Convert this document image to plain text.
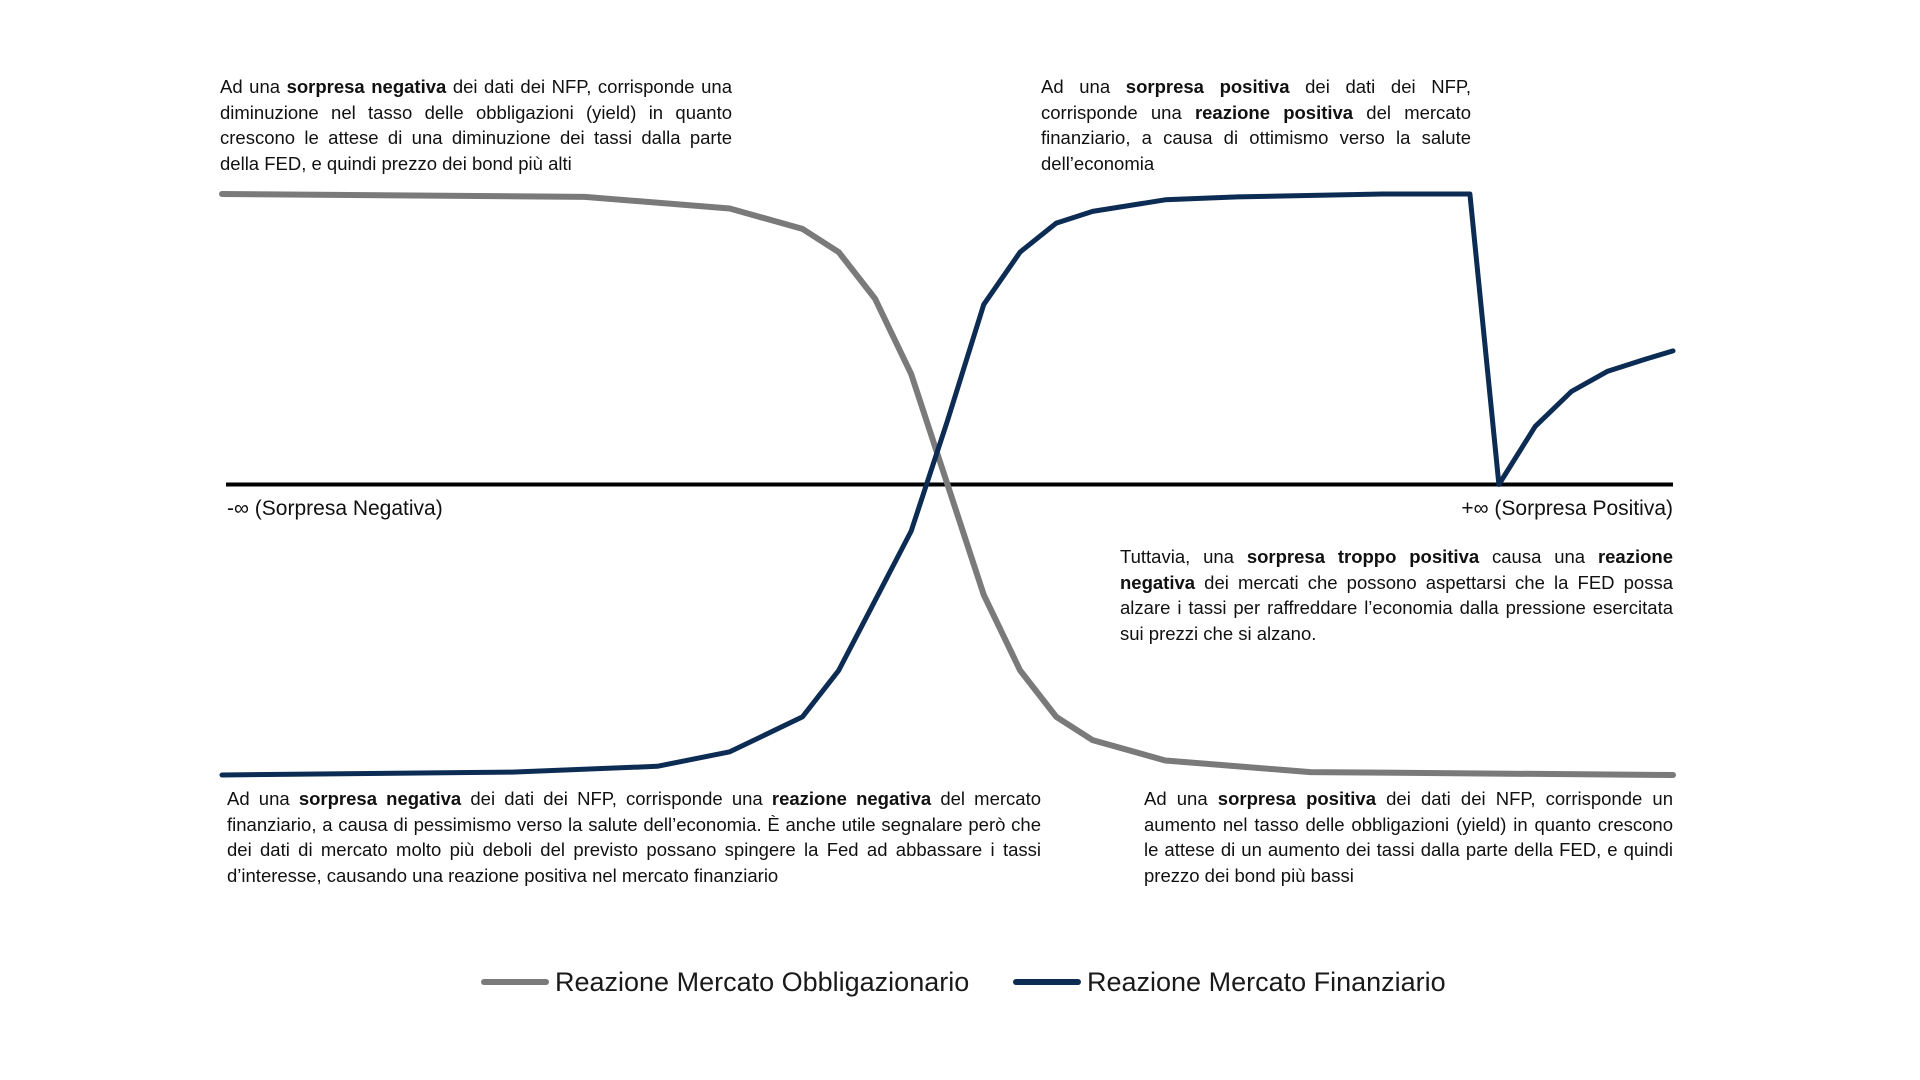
-∞ (Sorpresa Negativa)	+∞ (Sorpresa Positiva)

Ad una sorpresa negativa dei dati dei NFP, corrisponde una diminuzione nel tasso delle obbligazioni (yield) in quanto crescono le attese di una diminuzione dei tassi dalla parte della FED, e quindi prezzo dei bond più alti

Ad una sorpresa positiva dei dati dei NFP, corrisponde una reazione positiva del mercato finanziario, a causa di ottimismo verso la salute dell’economia

Tuttavia, una sorpresa troppo positiva causa una reazione negativa dei mercati che possono aspettarsi che la FED possa alzare i tassi per raffreddare l’economia dalla pressione esercitata sui prezzi che si alzano.

Ad una sorpresa negativa dei dati dei NFP, corrisponde una reazione negativa del mercato finanziario, a causa di pessimismo verso la salute dell’economia. È anche utile segnalare però che dei dati di mercato molto più deboli del previsto possano spingere la Fed ad abbassare i tassi d’interesse, causando una reazione positiva nel mercato finanziario

Ad una sorpresa positiva dei dati dei NFP, corrisponde un aumento nel tasso delle obbligazioni (yield) in quanto crescono le attese di un aumento dei tassi dalla parte della FED, e quindi prezzo dei bond più bassi

Reazione Mercato Obbligazionario	Reazione Mercato Finanziario
